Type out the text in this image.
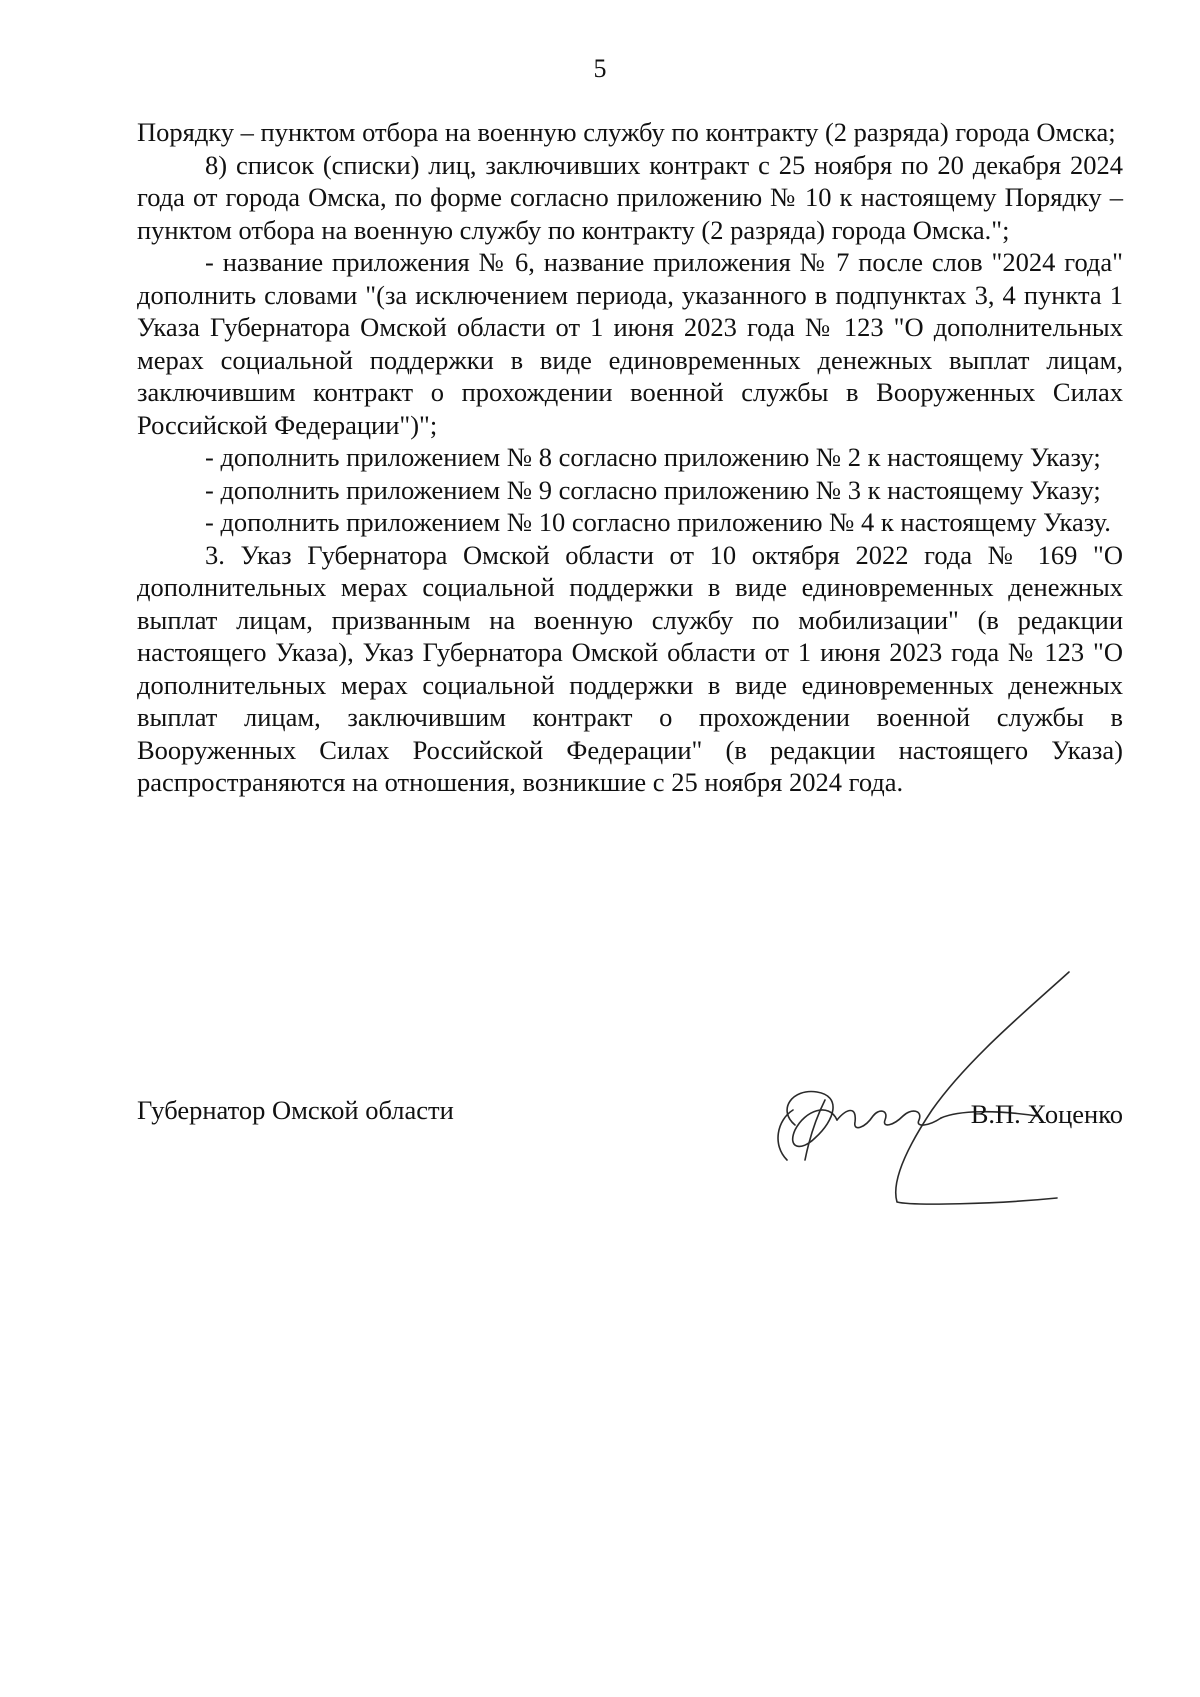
5

Порядку – пунктом отбора на военную службу по контракту (2 разряда) города Омска;

8) список (списки) лиц, заключивших контракт с 25 ноября по 20 декабря 2024 года от города Омска, по форме согласно приложению № 10 к настоящему Порядку – пунктом отбора на военную службу по контракту (2 разряда) города Омска.";

- название приложения № 6, название приложения № 7 после слов "2024 года" дополнить словами "(за исключением периода, указанного в подпунктах 3, 4 пункта 1 Указа Губернатора Омской области от 1 июня 2023 года № 123 "О дополнительных мерах социальной поддержки в виде единовременных денежных выплат лицам, заключившим контракт о прохождении военной службы в Вооруженных Силах Российской Федерации")";

- дополнить приложением № 8 согласно приложению № 2 к настоящему Указу;

- дополнить приложением № 9 согласно приложению № 3 к настоящему Указу;

- дополнить приложением № 10 согласно приложению № 4 к настоящему Указу.

3. Указ Губернатора Омской области от 10 октября 2022 года № 169 "О дополнительных мерах социальной поддержки в виде единовременных денежных выплат лицам, призванным на военную службу по мобилизации" (в редакции настоящего Указа), Указ Губернатора Омской области от 1 июня 2023 года № 123 "О дополнительных мерах социальной поддержки в виде единовременных денежных выплат лицам, заключившим контракт о прохождении военной службы в Вооруженных Силах Российской Федерации" (в редакции настоящего Указа) распространяются на отношения, возникшие с 25 ноября 2024 года.

Губернатор Омской области	В.П. Хоценко
